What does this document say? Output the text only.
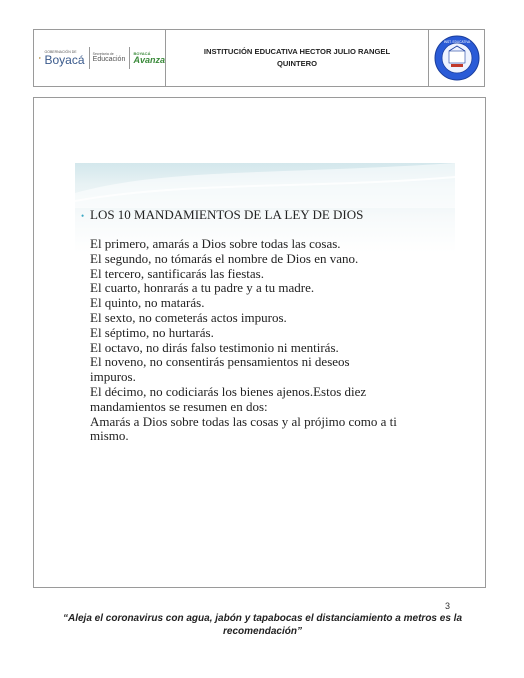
GOBERNACIÓN DE
Boyacá Secretaría de
Educación
BOYACÁ
Avanza
INSTITUCIÓN EDUCATIVA HECTOR JULIO RANGEL QUINTERO
INST. EDUCATIVA
• LOS 10 MANDAMIENTOS DE LA LEY DE DIOS
El primero, amarás a Dios sobre todas las cosas.
El segundo, no tómarás el nombre de Dios en vano.
El tercero, santificarás las fiestas.
El cuarto, honrarás a tu padre y a tu madre.
El quinto, no matarás.
El sexto, no cometerás actos impuros.
El séptimo, no hurtarás.
El octavo, no dirás falso testimonio ni mentirás.
El noveno, no consentirás pensamientos ni deseos
impuros.
El décimo, no codiciarás los bienes ajenos.Estos diez
mandamientos se resumen en dos:
Amarás a Dios sobre todas las cosas y al prójimo como a ti
mismo.
3
“Aleja el coronavirus con agua, jabón y tapabocas el distanciamiento a metros es la recomendación”
